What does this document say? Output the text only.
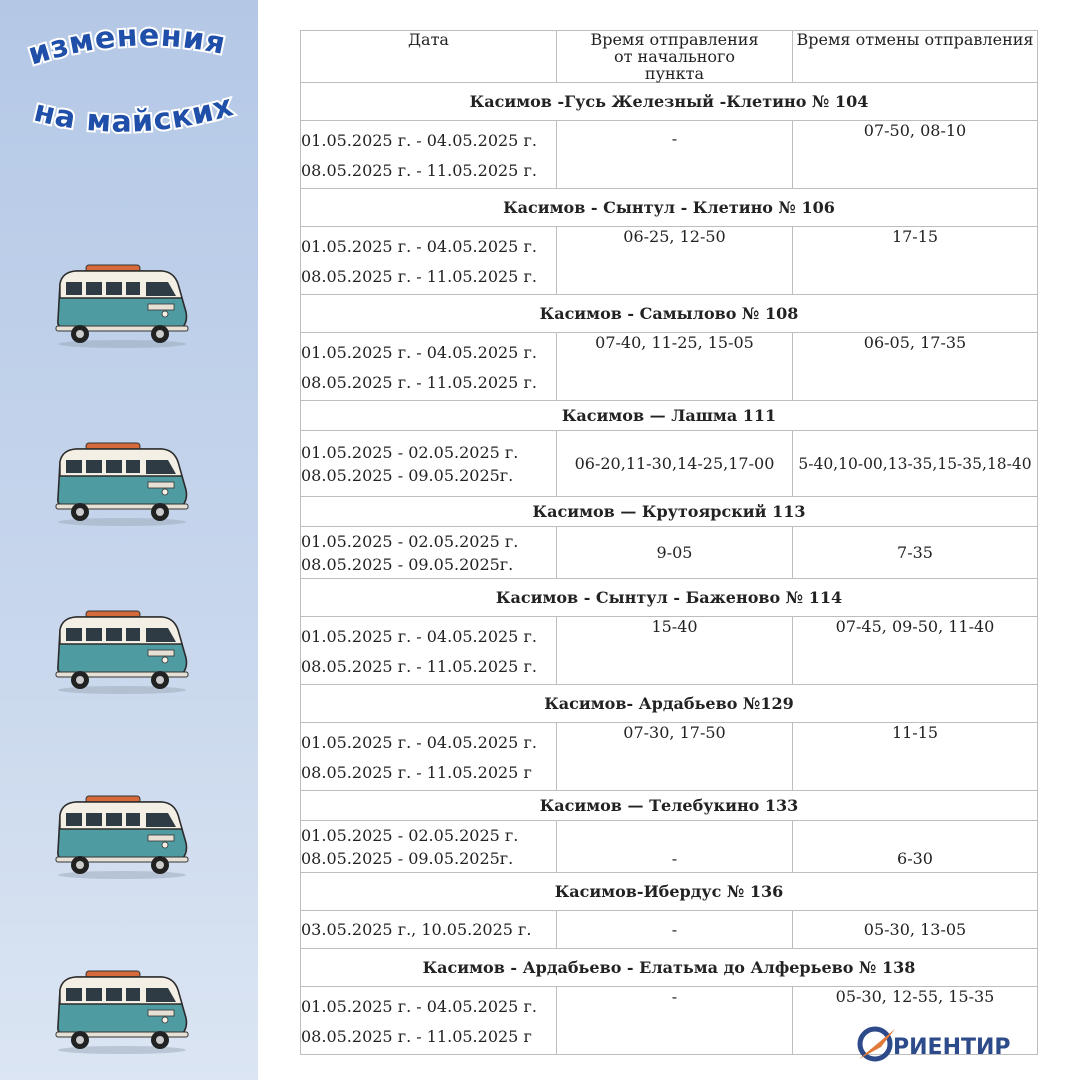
изменения
на майских
Дата	Время отправления от начального пункта	Время отмены отправления
Касимов -Гусь Железный -Клетино № 104		

01.05.2025 г. - 04.05.2025 г.
08.05.2025 г. - 11.05.2025 г.	-	07-50, 08-10
Касимов - Сынтул - Клетино № 106		

01.05.2025 г. - 04.05.2025 г.
08.05.2025 г. - 11.05.2025 г.	06-25, 12-50	17-15
Касимов - Самылово № 108		

01.05.2025 г. - 04.05.2025 г.
08.05.2025 г. - 11.05.2025 г.	07-40, 11-25, 15-05	06-05, 17-35
Касимов — Лашма 111		

01.05.2025 - 02.05.2025 г.
08.05.2025 - 09.05.2025г.	06-20,11-30,14-25,17-00	5-40,10-00,13-35,15-35,18-40
Касимов — Крутоярский 113		

01.05.2025 - 02.05.2025 г.
08.05.2025 - 09.05.2025г.	9-05	7-35
Касимов - Сынтул - Баженово № 114		

01.05.2025 г. - 04.05.2025 г.
08.05.2025 г. - 11.05.2025 г.	15-40	07-45, 09-50, 11-40
Касимов- Ардабьево №129		

01.05.2025 г. - 04.05.2025 г.
08.05.2025 г. - 11.05.2025 г	07-30, 17-50	11-15
Касимов — Телебукино 133		

01.05.2025 - 02.05.2025 г.
08.05.2025 - 09.05.2025г.	-	6-30
Касимов-Ибердус № 136		

03.05.2025 г., 10.05.2025 г.	-	05-30, 13-05
Касимов - Ардабьево - Елатьма до Алферьево № 138		

01.05.2025 г. - 04.05.2025 г.
08.05.2025 г. - 11.05.2025 г	-	05-30, 12-55, 15-35
РИЕНТИР
